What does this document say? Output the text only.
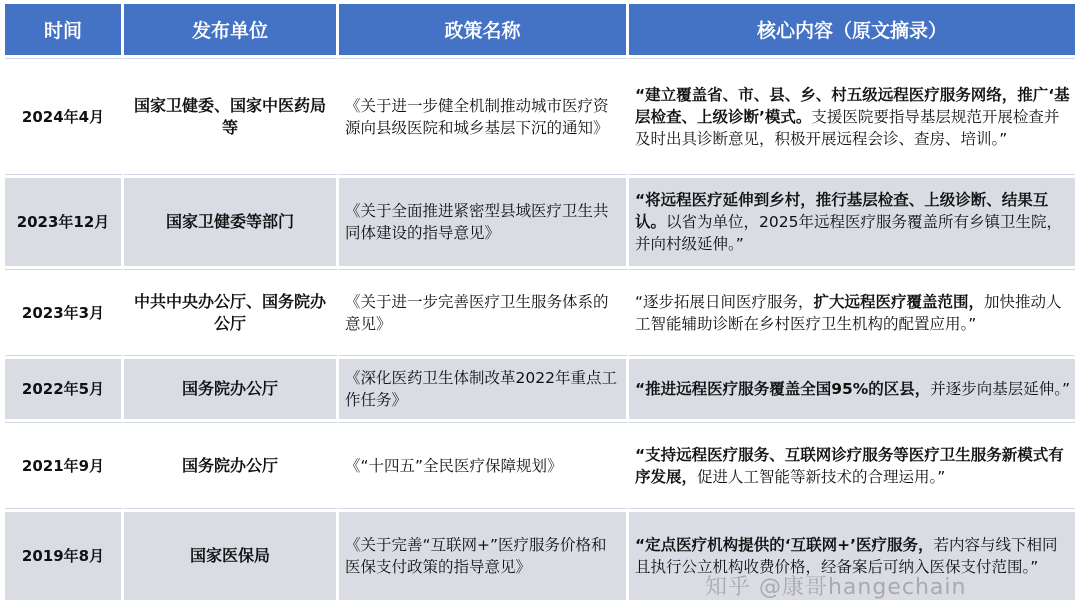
时间	发布单位	政策名称	核心内容（原文摘录）
2024年4月	国家卫健委、国家中医药局等	《关于进一步健全机制推动城市医疗资源向县级医院和城乡基层下沉的通知》	“建立覆盖省、市、县、乡、村五级远程医疗服务网络，推广‘基层检查、上级诊断’模式。支援医院要指导基层规范开展检查并及时出具诊断意见，积极开展远程会诊、查房、培训。”
2023年12月	国家卫健委等部门	《关于全面推进紧密型县域医疗卫生共同体建设的指导意见》	“将远程医疗延伸到乡村，推行基层检查、上级诊断、结果互认。以省为单位，2025年远程医疗服务覆盖所有乡镇卫生院，并向村级延伸。”
2023年3月	中共中央办公厅、国务院办公厅	《关于进一步完善医疗卫生服务体系的意见》	“逐步拓展日间医疗服务，扩大远程医疗覆盖范围，加快推动人工智能辅助诊断在乡村医疗卫生机构的配置应用。”
2022年5月	国务院办公厅	《深化医药卫生体制改革2022年重点工作任务》	“推进远程医疗服务覆盖全国95%的区县，并逐步向基层延伸。”
2021年9月	国务院办公厅	《“十四五”全民医疗保障规划》	“支持远程医疗服务、互联网诊疗服务等医疗卫生服务新模式有序发展，促进人工智能等新技术的合理运用。”
2019年8月	国家医保局	《关于完善“互联网+”医疗服务价格和医保支付政策的指导意见》	“定点医疗机构提供的‘互联网+’医疗服务，若内容与线下相同且执行公立机构收费价格，经备案后可纳入医保支付范围。”
知乎 @康哥hangechain
